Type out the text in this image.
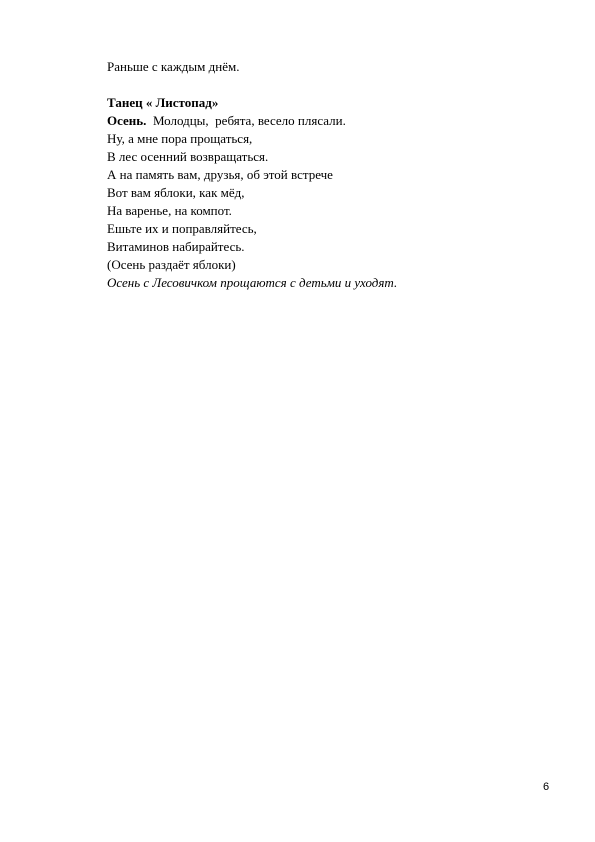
Раньше с каждым днём.
Танец « Листопад»
Осень.  Молодцы,  ребята, весело плясали.
Ну, а мне пора прощаться,
В лес осенний возвращаться.
А на память вам, друзья, об этой встрече
Вот вам яблоки, как мёд,
На варенье, на компот.
Ешьте их и поправляйтесь,
Витаминов набирайтесь.
(Осень раздаёт яблоки)
Осень с Лесовичком прощаются с детьми и уходят.
6
